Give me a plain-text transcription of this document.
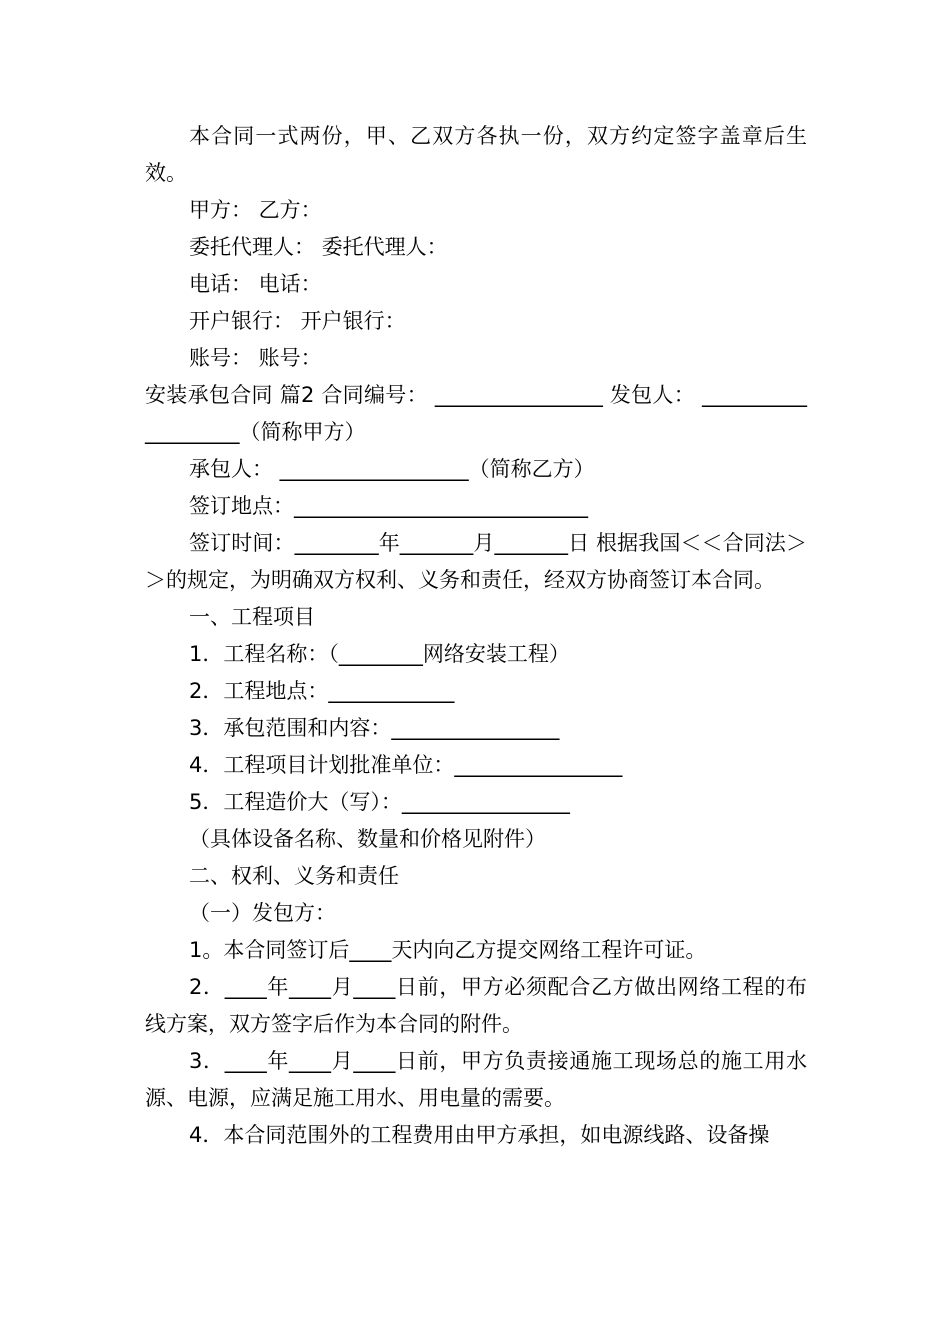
本合同一式两份，甲、乙双方各执一份，双方约定签字盖章后生效。

甲方： 乙方：

委托代理人： 委托代理人：

电话： 电话：

开户银行： 开户银行：

账号： 账号：

安装承包合同 篇2 合同编号： ________________ 发包人： ___________________（简称甲方）

承包人： __________________（简称乙方）

签订地点：____________________________

签订时间：________年_______月_______日 根据我国＜＜合同法＞＞的规定，为明确双方权利、义务和责任，经双方协商签订本合同。

一、工程项目

1．工程名称：（________网络安装工程）

2．工程地点：____________

3．承包范围和内容：________________

4．工程项目计划批准单位：________________

5．工程造价大（写）：________________

（具体设备名称、数量和价格见附件）

二、权利、义务和责任

（一）发包方：

1。本合同签订后____天内向乙方提交网络工程许可证。

2．____年____月____日前，甲方必须配合乙方做出网络工程的布线方案，双方签字后作为本合同的附件。

3．____年____月____日前，甲方负责接通施工现场总的施工用水源、电源，应满足施工用水、用电量的需要。

4．本合同范围外的工程费用由甲方承担，如电源线路、设备操
